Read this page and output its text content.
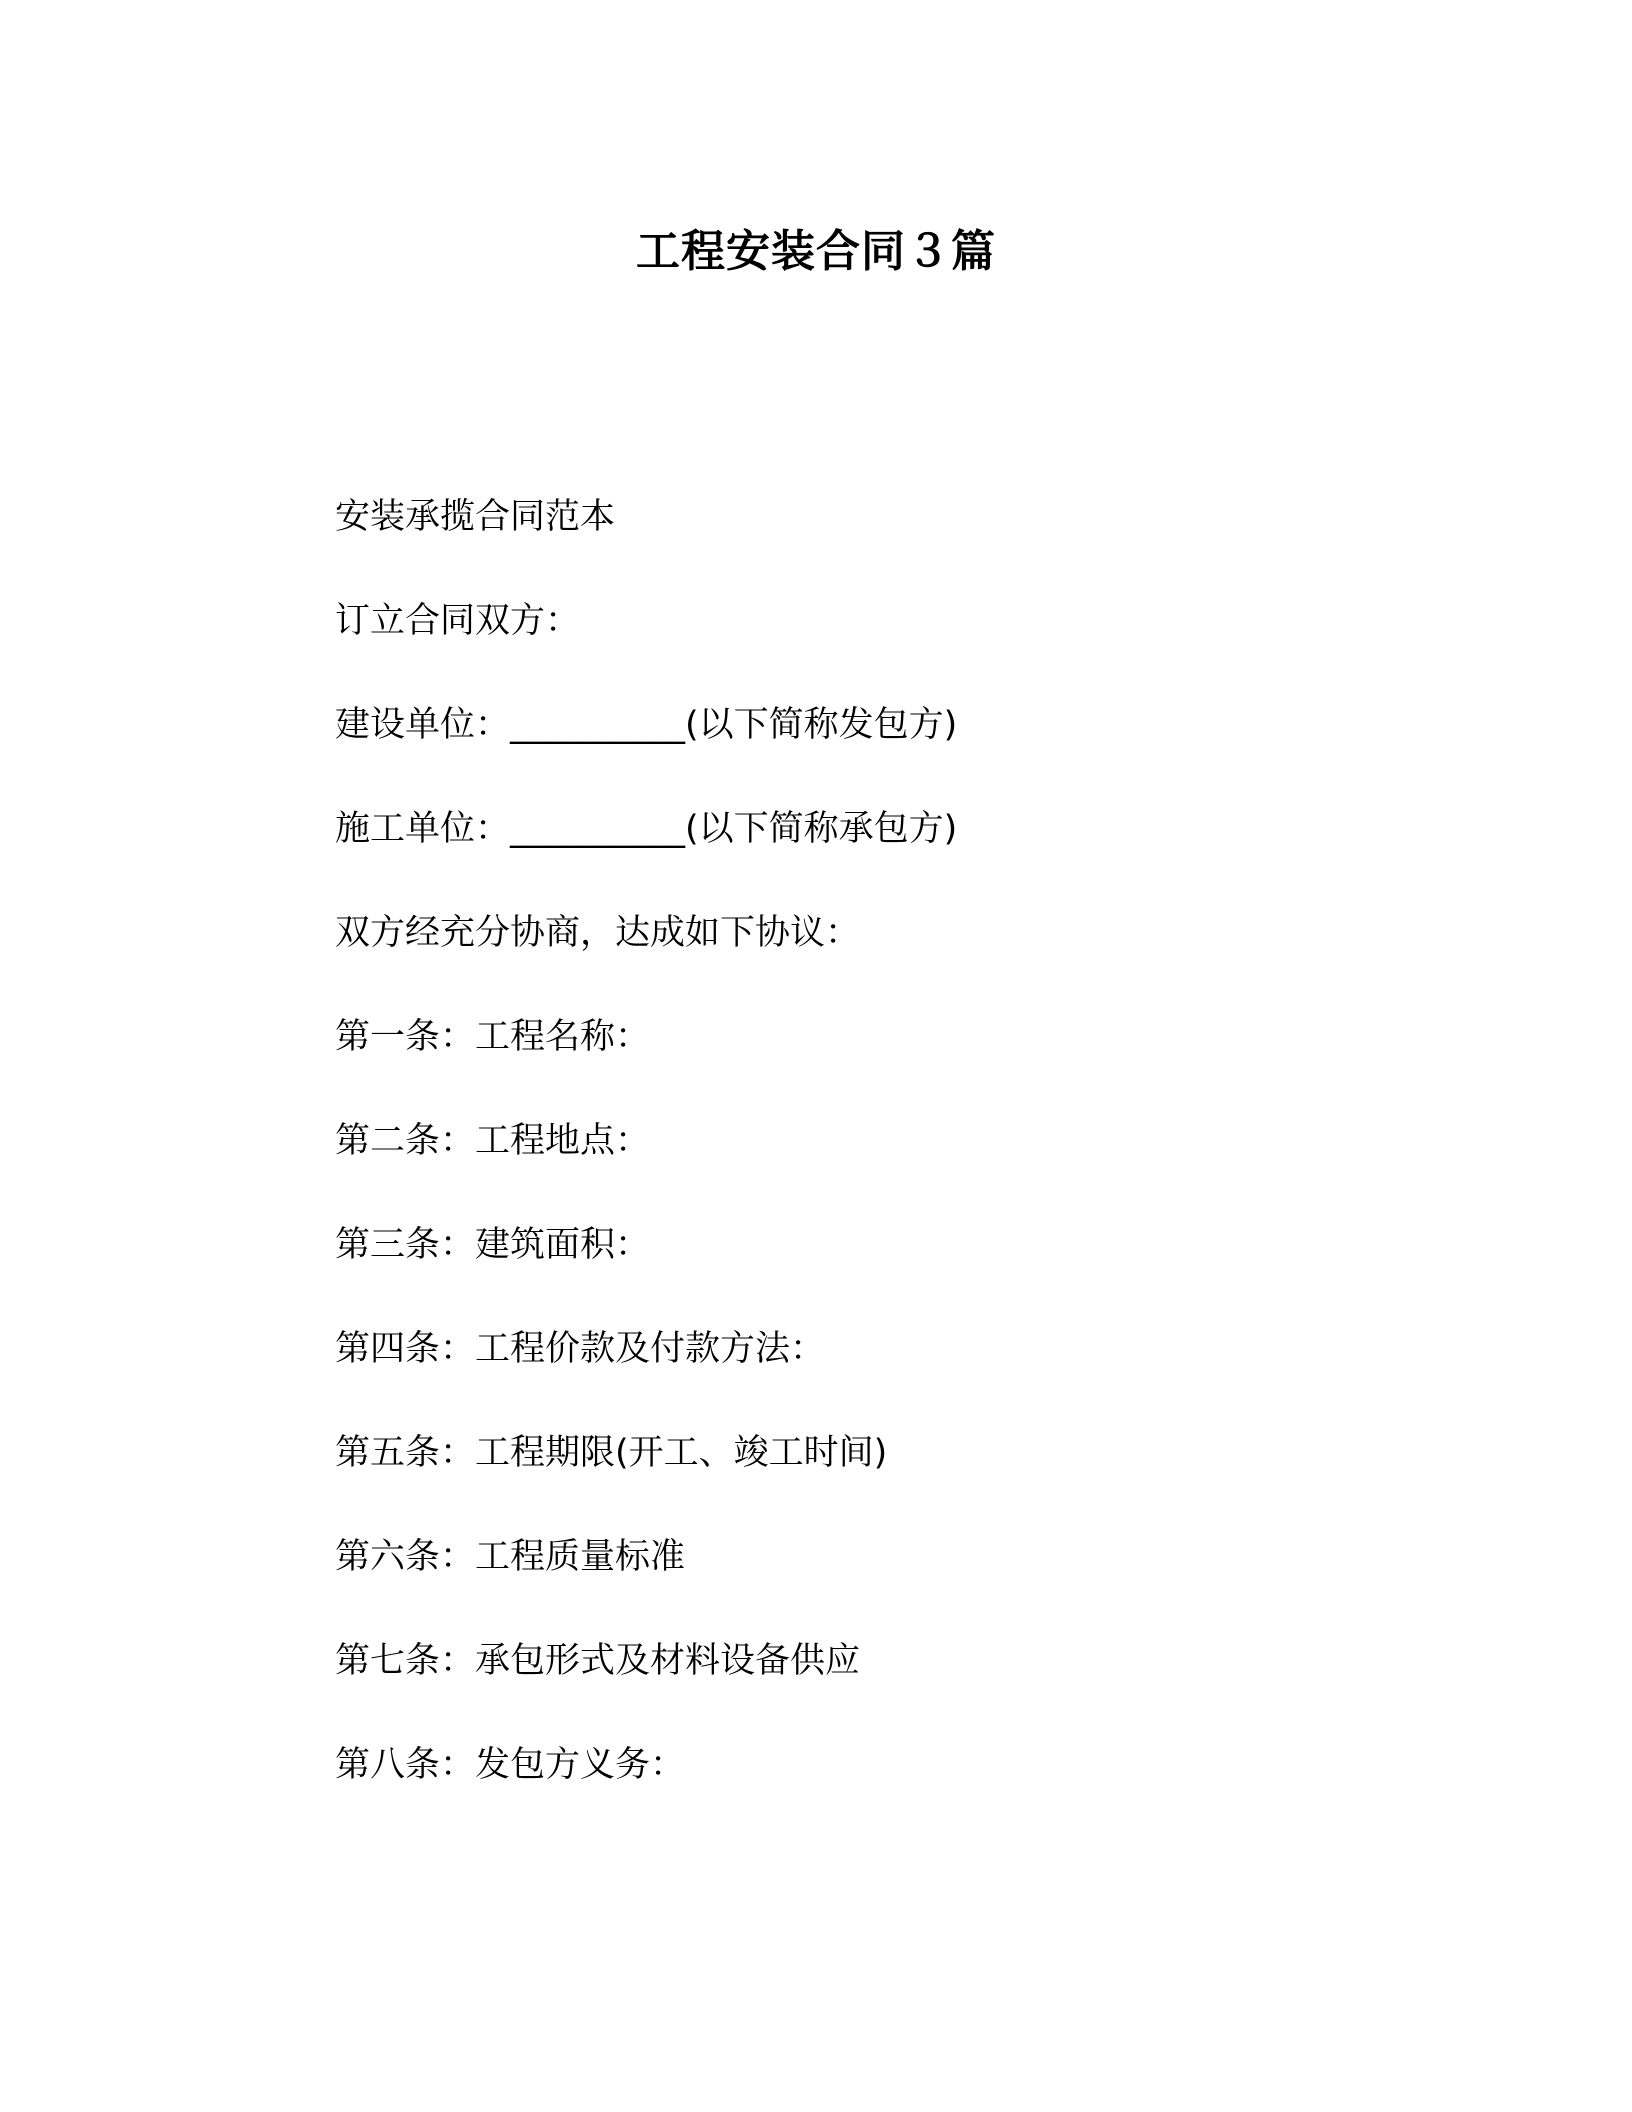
工程安装合同３篇

安装承揽合同范本

订立合同双方：

建设单位：__________(以下简称发包方)

施工单位：__________(以下简称承包方)

双方经充分协商，达成如下协议：

第一条：工程名称：

第二条：工程地点：

第三条：建筑面积：

第四条：工程价款及付款方法：

第五条：工程期限(开工、竣工时间)

第六条：工程质量标准

第七条：承包形式及材料设备供应

第八条：发包方义务：
